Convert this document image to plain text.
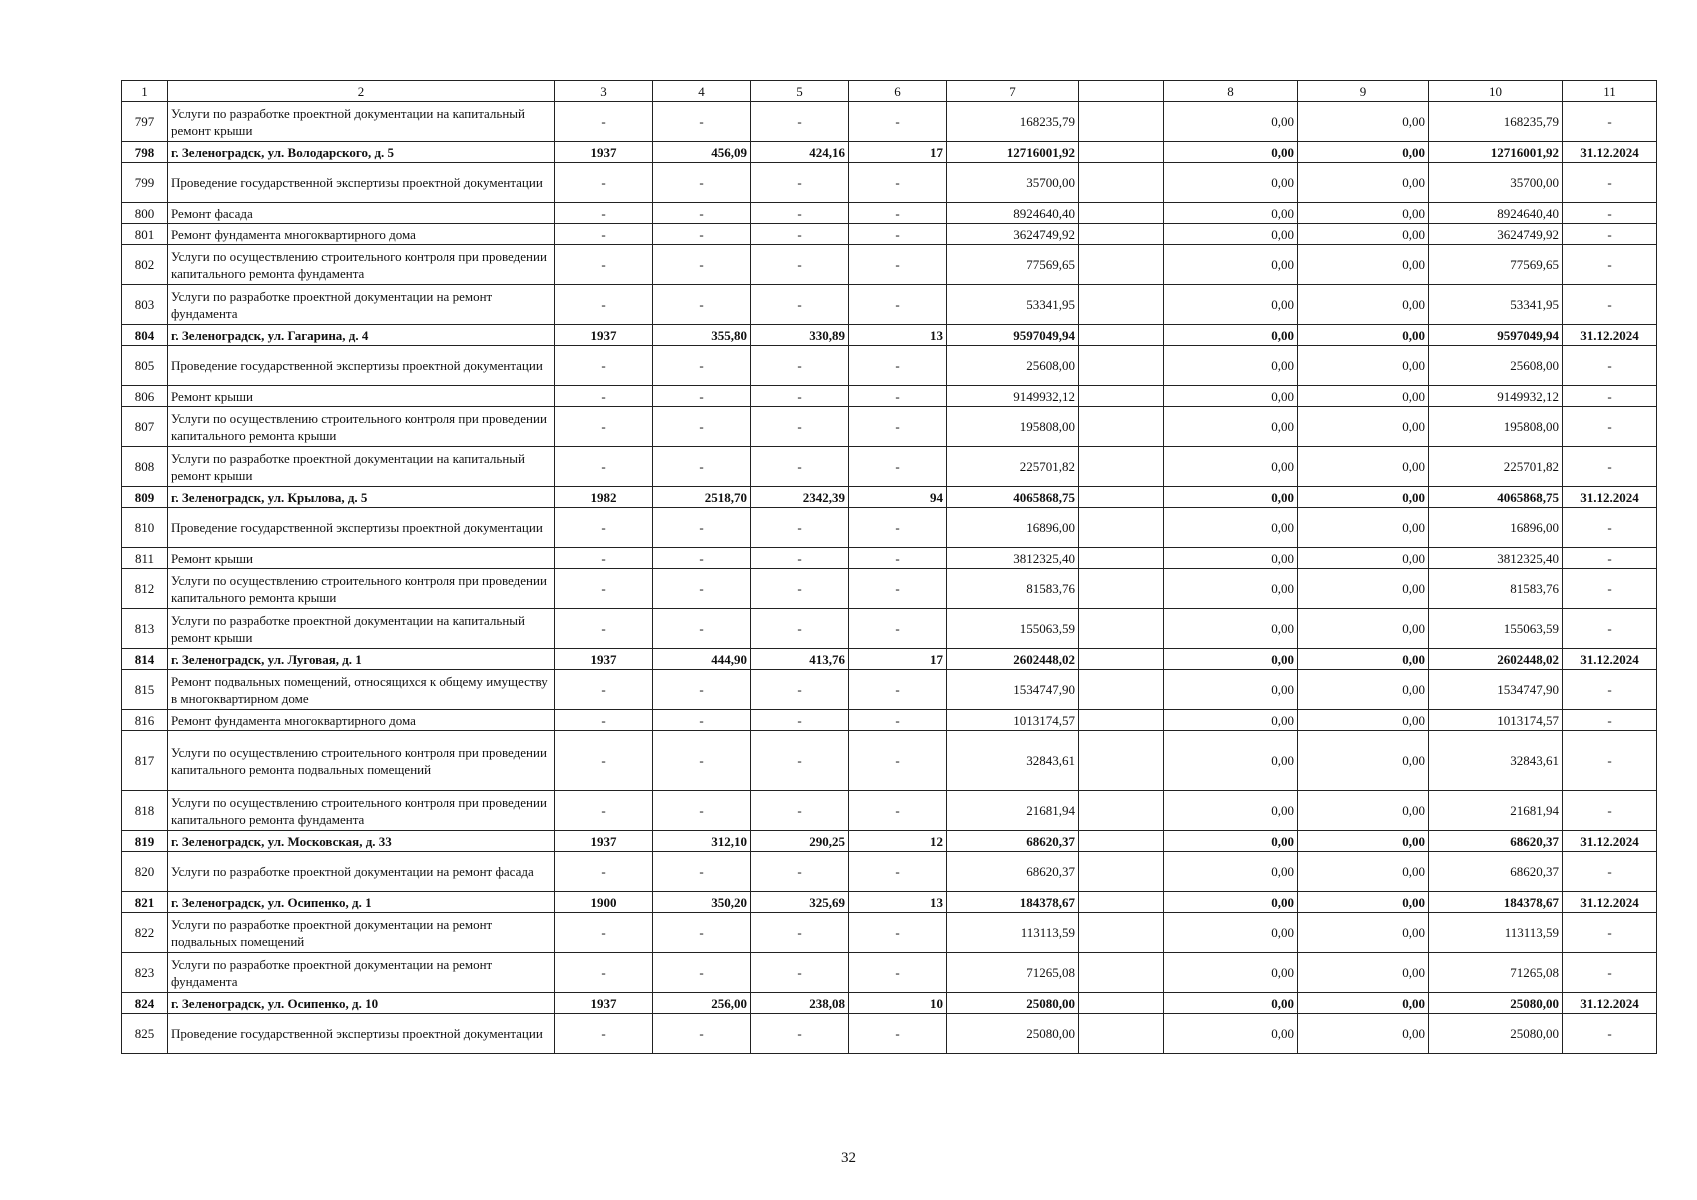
1	2	3	4	5	6	7		8	9	10	11
797	Услуги по разработке проектной документации на капитальный ремонт крыши	-	-	-	-	168235,79		0,00	0,00	168235,79	-
798	г. Зеленоградск, ул. Володарского, д. 5	1937	456,09	424,16	17	12716001,92		0,00	0,00	12716001,92	31.12.2024
799	Проведение государственной экспертизы проектной документации	-	-	-	-	35700,00		0,00	0,00	35700,00	-
800	Ремонт фасада	-	-	-	-	8924640,40		0,00	0,00	8924640,40	-
801	Ремонт фундамента многоквартирного дома	-	-	-	-	3624749,92		0,00	0,00	3624749,92	-
802	Услуги по осуществлению строительного контроля при проведении капитального ремонта фундамента	-	-	-	-	77569,65		0,00	0,00	77569,65	-
803	Услуги по разработке проектной документации на ремонт фундамента	-	-	-	-	53341,95		0,00	0,00	53341,95	-
804	г. Зеленоградск, ул. Гагарина, д. 4	1937	355,80	330,89	13	9597049,94		0,00	0,00	9597049,94	31.12.2024
805	Проведение государственной экспертизы проектной документации	-	-	-	-	25608,00		0,00	0,00	25608,00	-
806	Ремонт крыши	-	-	-	-	9149932,12		0,00	0,00	9149932,12	-
807	Услуги по осуществлению строительного контроля при проведении капитального ремонта крыши	-	-	-	-	195808,00		0,00	0,00	195808,00	-
808	Услуги по разработке проектной документации на капитальный ремонт крыши	-	-	-	-	225701,82		0,00	0,00	225701,82	-
809	г. Зеленоградск, ул. Крылова, д. 5	1982	2518,70	2342,39	94	4065868,75		0,00	0,00	4065868,75	31.12.2024
810	Проведение государственной экспертизы проектной документации	-	-	-	-	16896,00		0,00	0,00	16896,00	-
811	Ремонт крыши	-	-	-	-	3812325,40		0,00	0,00	3812325,40	-
812	Услуги по осуществлению строительного контроля при проведении капитального ремонта крыши	-	-	-	-	81583,76		0,00	0,00	81583,76	-
813	Услуги по разработке проектной документации на капитальный ремонт крыши	-	-	-	-	155063,59		0,00	0,00	155063,59	-
814	г. Зеленоградск, ул. Луговая, д. 1	1937	444,90	413,76	17	2602448,02		0,00	0,00	2602448,02	31.12.2024
815	Ремонт подвальных помещений, относящихся к общему имуществу в многоквартирном доме	-	-	-	-	1534747,90		0,00	0,00	1534747,90	-
816	Ремонт фундамента многоквартирного дома	-	-	-	-	1013174,57		0,00	0,00	1013174,57	-
817	Услуги по осуществлению строительного контроля при проведении капитального ремонта подвальных помещений	-	-	-	-	32843,61		0,00	0,00	32843,61	-
818	Услуги по осуществлению строительного контроля при проведении капитального ремонта фундамента	-	-	-	-	21681,94		0,00	0,00	21681,94	-
819	г. Зеленоградск, ул. Московская, д. 33	1937	312,10	290,25	12	68620,37		0,00	0,00	68620,37	31.12.2024
820	Услуги по разработке проектной документации на ремонт фасада	-	-	-	-	68620,37		0,00	0,00	68620,37	-
821	г. Зеленоградск, ул. Осипенко, д. 1	1900	350,20	325,69	13	184378,67		0,00	0,00	184378,67	31.12.2024
822	Услуги по разработке проектной документации на ремонт подвальных помещений	-	-	-	-	113113,59		0,00	0,00	113113,59	-
823	Услуги по разработке проектной документации на ремонт фундамента	-	-	-	-	71265,08		0,00	0,00	71265,08	-
824	г. Зеленоградск, ул. Осипенко, д. 10	1937	256,00	238,08	10	25080,00		0,00	0,00	25080,00	31.12.2024
825	Проведение государственной экспертизы проектной документации	-	-	-	-	25080,00		0,00	0,00	25080,00	-
32
